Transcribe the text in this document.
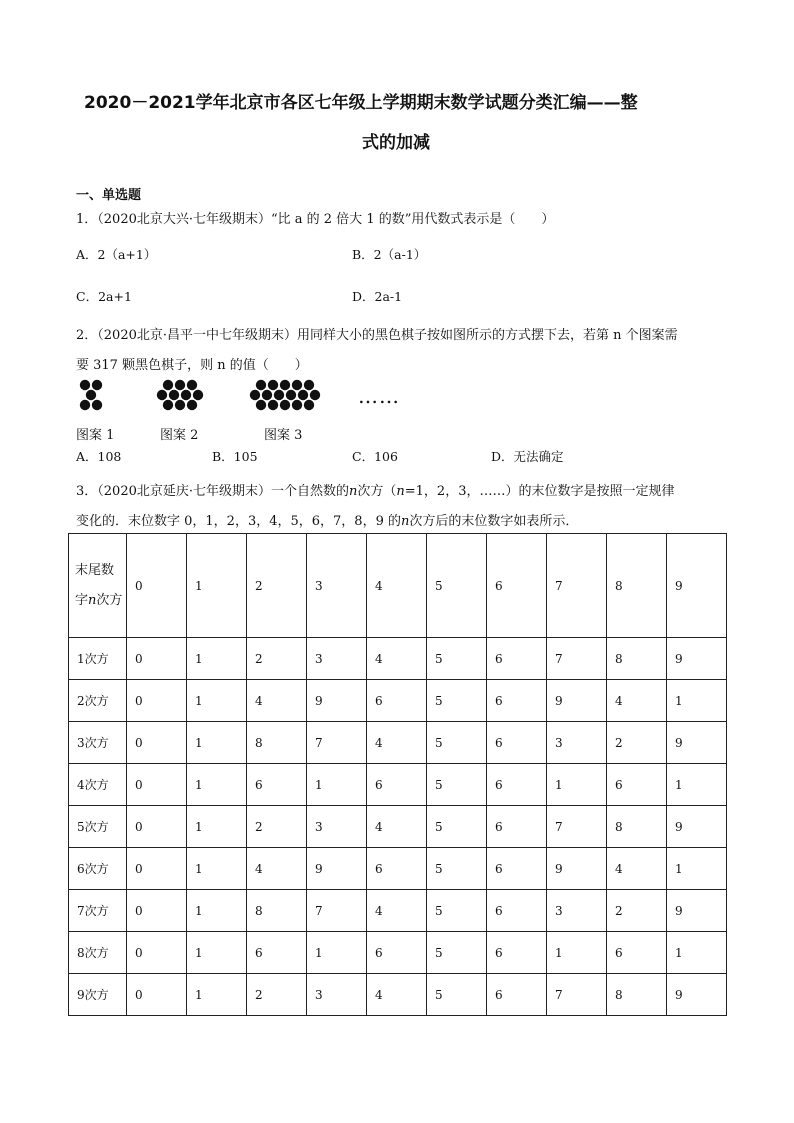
2020－2021学年北京市各区七年级上学期期末数学试题分类汇编——整
式的加减
一、单选题
1．（2020北京大兴·七年级期末）“比 a 的 2 倍大 1 的数”用代数式表示是（　　）
A．2（a+1）	B．2（a-1）
C．2a+1	D．2a-1
2．（2020北京·昌平一中七年级期末）用同样大小的黑色棋子按如图所示的方式摆下去，若第 n 个图案需
要 317 颗黑色棋子，则 n 的值（　　）
……
图案 1	图案 2	图案 3
A．108	B．105	C．106	D．无法确定
3．（2020北京延庆·七年级期末）一个自然数的n次方（n=1，2，3，……）的末位数字是按照一定规律
变化的．末位数字 0，1，2，3，4，5，6，7，8，9 的n次方后的末位数字如表所示．
末尾数字n次方	0	1	2	3	4	5	6	7	8	9
1次方	0	1	2	3	4	5	6	7	8	9
2次方	0	1	4	9	6	5	6	9	4	1
3次方	0	1	8	7	4	5	6	3	2	9
4次方	0	1	6	1	6	5	6	1	6	1
5次方	0	1	2	3	4	5	6	7	8	9
6次方	0	1	4	9	6	5	6	9	4	1
7次方	0	1	8	7	4	5	6	3	2	9
8次方	0	1	6	1	6	5	6	1	6	1
9次方	0	1	2	3	4	5	6	7	8	9
